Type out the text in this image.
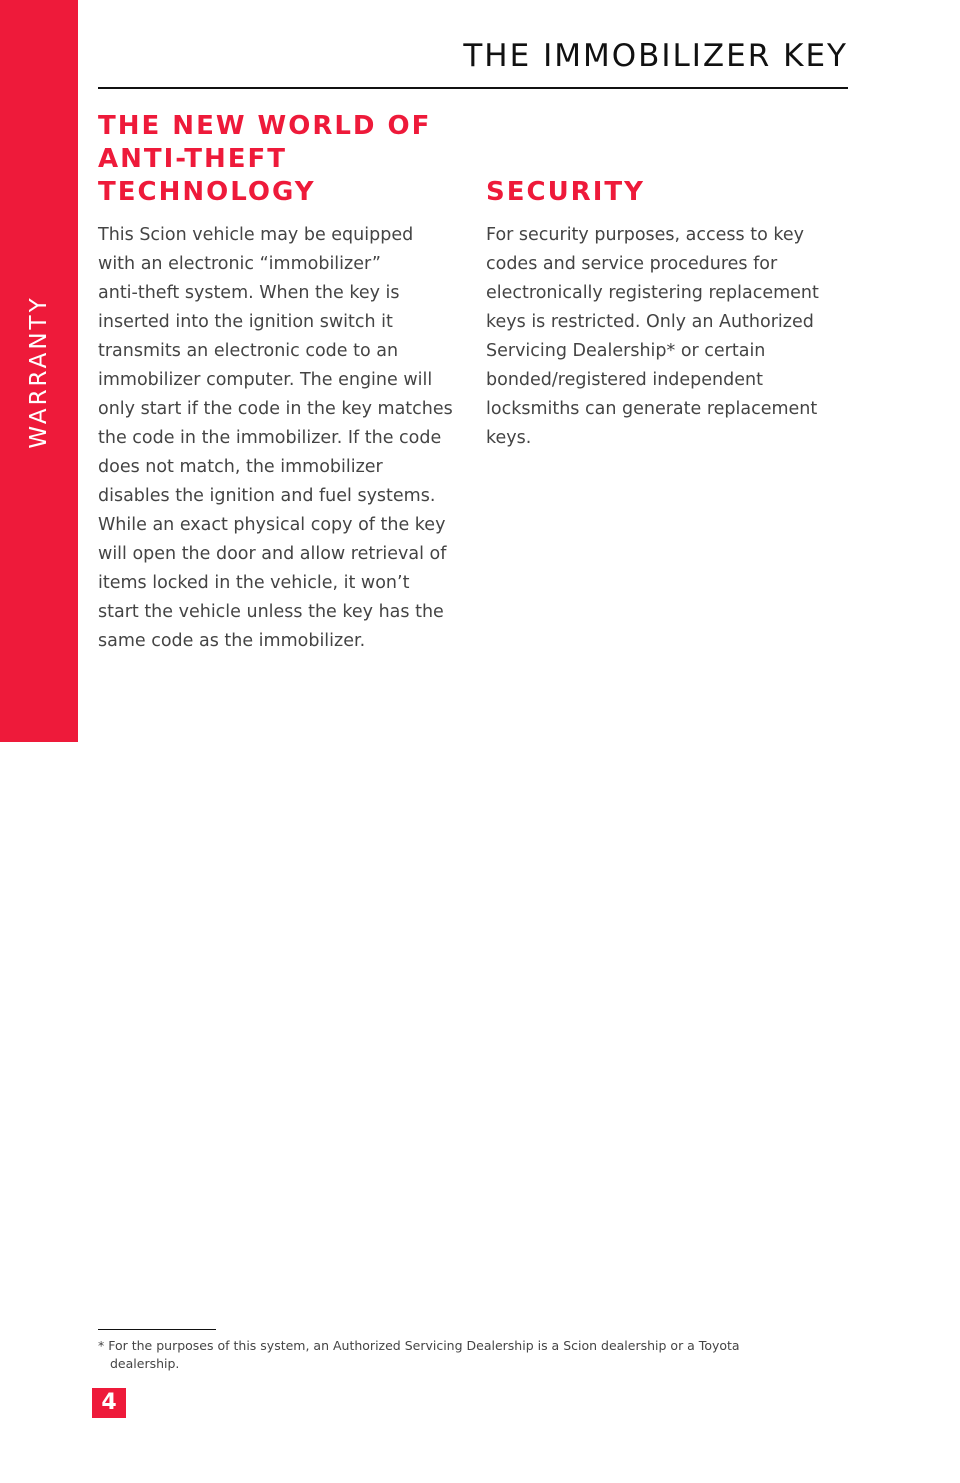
WARRANTY
THE IMMOBILIZER KEY
THE NEW WORLD OF
ANTI-THEFT
TECHNOLOGY
This Scion vehicle may be equipped
with an electronic “immobilizer”
anti-theft system. When the key is
inserted into the ignition switch it
transmits an electronic code to an
immobilizer computer. The engine will
only start if the code in the key matches
the code in the immobilizer. If the code
does not match, the immobilizer
disables the ignition and fuel systems.
While an exact physical copy of the key
will open the door and allow retrieval of
items locked in the vehicle, it won’t
start the vehicle unless the key has the
same code as the immobilizer.
SECURITY
For security purposes, access to key
codes and service procedures for
electronically registering replacement
keys is restricted. Only an Authorized
Servicing Dealership* or certain
bonded/registered independent
locksmiths can generate replacement
keys.
* For the purposes of this system, an Authorized Servicing Dealership is a Scion dealership or a Toyota
dealership.
4
